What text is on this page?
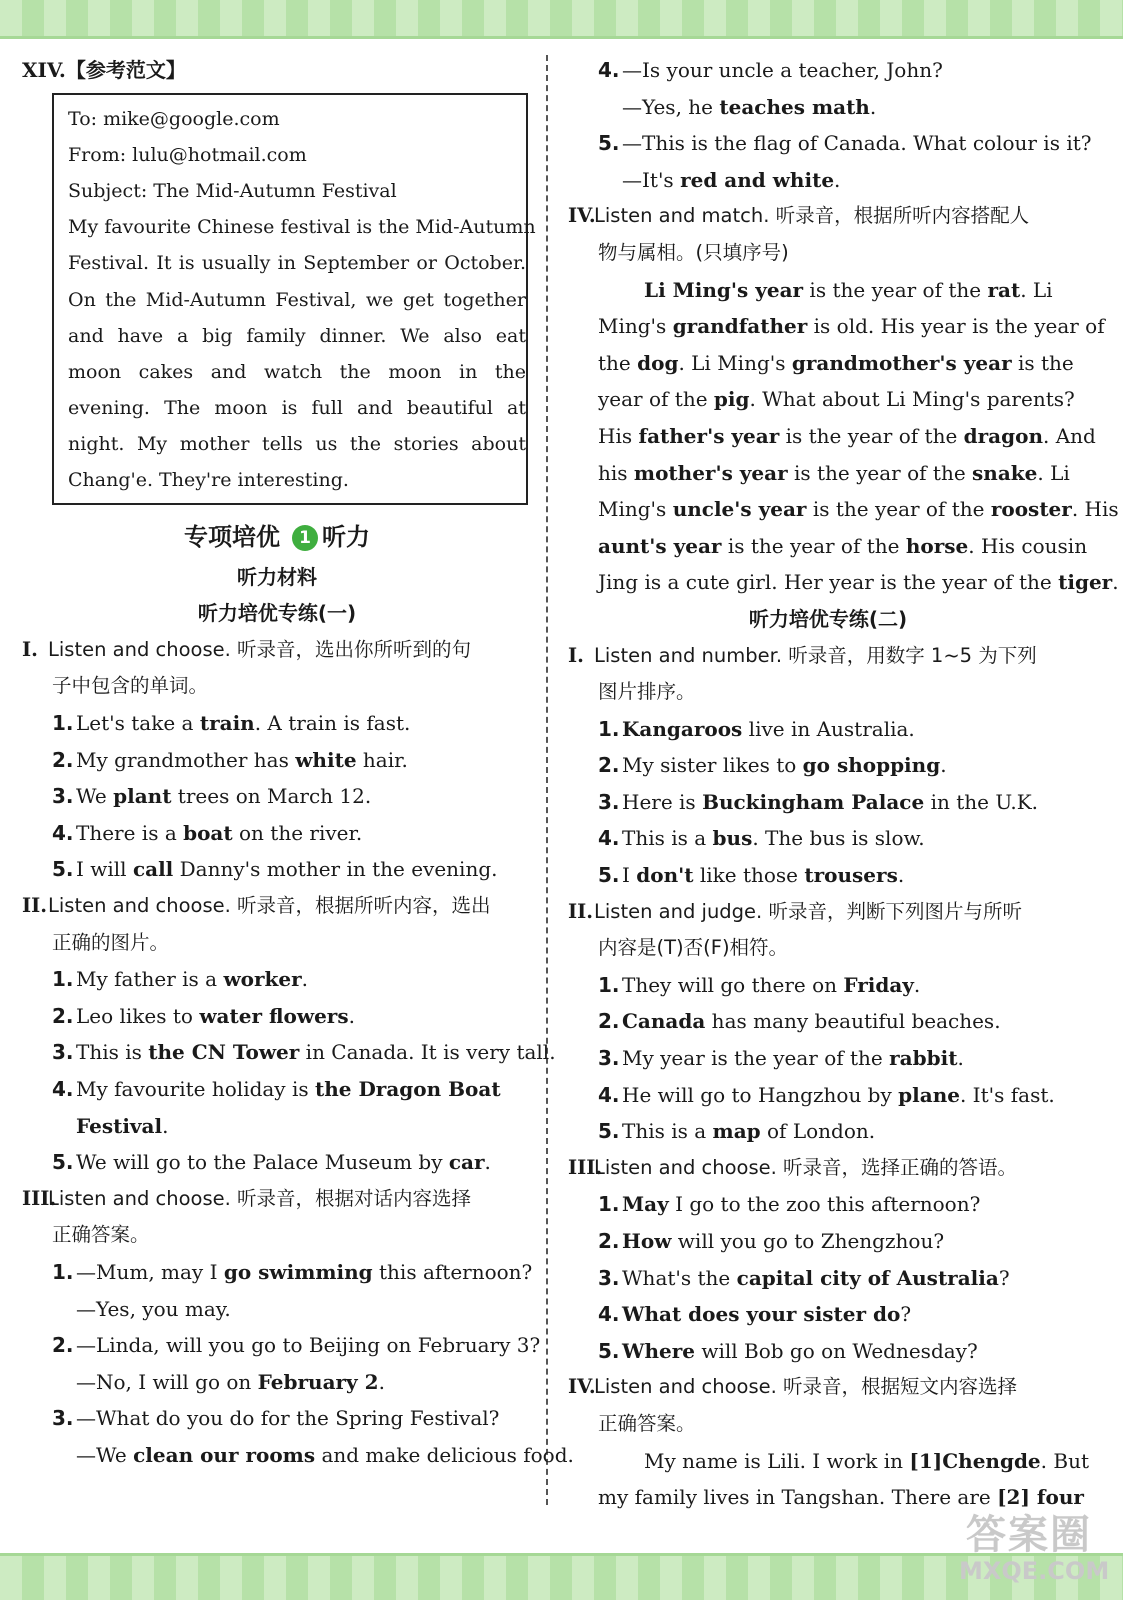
XIV.【参考范文】
To: mike@google.com
From: lulu@hotmail.com
Subject: The Mid-Autumn Festival
My favourite Chinese festival is the Mid-Autumn
Festival. It is usually in September or October.
On the Mid-Autumn Festival, we get together
and have a big family dinner. We also eat
moon cakes and watch the moon in the
evening. The moon is full and beautiful at
night. My mother tells us the stories about
Chang'e. They're interesting.
专项培优 1 听力
听力材料
听力培优专练(一)
I. Listen and choose. 听录音，选出你所听到的句
子中包含的单词。
1. Let's take a train. A train is fast.
2. My grandmother has white hair.
3. We plant trees on March 12.
4. There is a boat on the river.
5. I will call Danny's mother in the evening.
II.Listen and choose. 听录音，根据所听内容，选出
正确的图片。
1. My father is a worker.
2. Leo likes to water flowers.
3. This is the CN Tower in Canada. It is very tall.
4. My favourite holiday is the Dragon Boat
Festival.
5. We will go to the Palace Museum by car.
III.Listen and choose. 听录音，根据对话内容选择
正确答案。
1. —Mum, may I go swimming this afternoon?
—Yes, you may.
2. —Linda, will you go to Beijing on February 3?
—No, I will go on February 2.
3. —What do you do for the Spring Festival?
—We clean our rooms and make delicious food.
4. —Is your uncle a teacher, John?
—Yes, he teaches math.
5. —This is the flag of Canada. What colour is it?
—It's red and white.
IV.Listen and match. 听录音，根据所听内容搭配人
物与属相。(只填序号)
Li Ming's year is the year of the rat. Li
Ming's grandfather is old. His year is the year of
the dog. Li Ming's grandmother's year is the
year of the pig. What about Li Ming's parents?
His father's year is the year of the dragon. And
his mother's year is the year of the snake. Li
Ming's uncle's year is the year of the rooster. His
aunt's year is the year of the horse. His cousin
Jing is a cute girl. Her year is the year of the tiger.
听力培优专练(二)
I. Listen and number. 听录音，用数字 1~5 为下列
图片排序。
1. Kangaroos live in Australia.
2. My sister likes to go shopping.
3. Here is Buckingham Palace in the U.K.
4. This is a bus. The bus is slow.
5. I don't like those trousers.
II.Listen and judge. 听录音，判断下列图片与所听
内容是(T)否(F)相符。
1. They will go there on Friday.
2. Canada has many beautiful beaches.
3. My year is the year of the rabbit.
4. He will go to Hangzhou by plane. It's fast.
5. This is a map of London.
III.Listen and choose. 听录音，选择正确的答语。
1. May I go to the zoo this afternoon?
2. How will you go to Zhengzhou?
3. What's the capital city of Australia?
4. What does your sister do?
5. Where will Bob go on Wednesday?
IV.Listen and choose. 听录音，根据短文内容选择
正确答案。
My name is Lili. I work in [1]Chengde. But
my family lives in Tangshan. There are [2] four
答案圈
MXQE.COM
